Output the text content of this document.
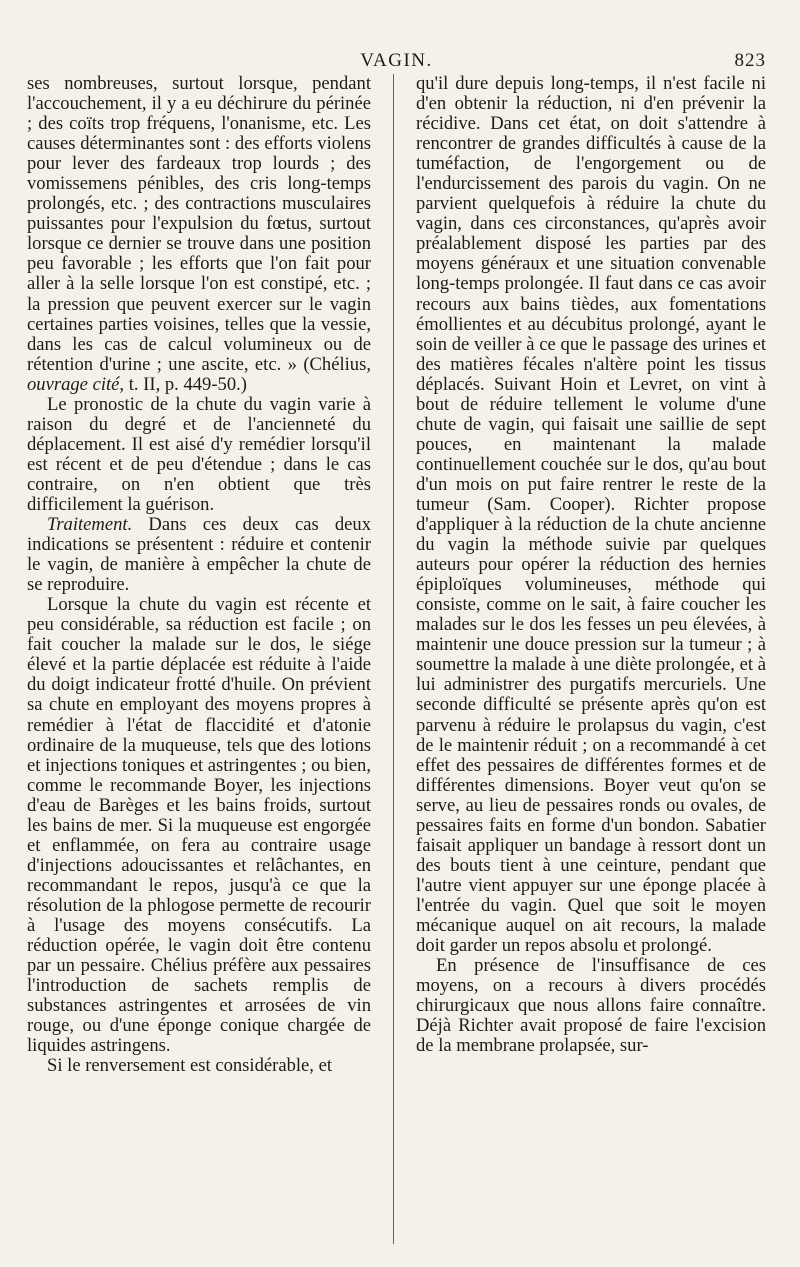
VAGIN.	823

ses nombreuses, surtout lorsque, pendant l'accouchement, il y a eu déchirure du périnée ; des coïts trop fréquens, l'onanisme, etc. Les causes déterminantes sont : des efforts violens pour lever des fardeaux trop lourds ; des vomissemens pénibles, des cris long-temps prolongés, etc. ; des contractions musculaires puissantes pour l'expulsion du fœtus, surtout lorsque ce dernier se trouve dans une position peu favorable ; les efforts que l'on fait pour aller à la selle lorsque l'on est constipé, etc. ; la pression que peuvent exercer sur le vagin certaines parties voisines, telles que la vessie, dans les cas de calcul volumineux ou de rétention d'urine ; une ascite, etc. » (Chélius, ouvrage cité, t. II, p. 449-50.)

Le pronostic de la chute du vagin varie à raison du degré et de l'ancienneté du déplacement. Il est aisé d'y remédier lorsqu'il est récent et de peu d'étendue ; dans le cas contraire, on n'en obtient que très difficilement la guérison.

Traitement. Dans ces deux cas deux indications se présentent : réduire et contenir le vagin, de manière à empêcher la chute de se reproduire.

Lorsque la chute du vagin est récente et peu considérable, sa réduction est facile ; on fait coucher la malade sur le dos, le siége élevé et la partie déplacée est réduite à l'aide du doigt indicateur frotté d'huile. On prévient sa chute en employant des moyens propres à remédier à l'état de flaccidité et d'atonie ordinaire de la muqueuse, tels que des lotions et injections toniques et astringentes ; ou bien, comme le recommande Boyer, les injections d'eau de Barèges et les bains froids, surtout les bains de mer. Si la muqueuse est engorgée et enflammée, on fera au contraire usage d'injections adoucissantes et relâchantes, en recommandant le repos, jusqu'à ce que la résolution de la phlogose permette de recourir à l'usage des moyens consécutifs. La réduction opérée, le vagin doit être contenu par un pessaire. Chélius préfère aux pessaires l'introduction de sachets remplis de substances astringentes et arrosées de vin rouge, ou d'une éponge conique chargée de liquides astringens.

Si le renversement est considérable, et

qu'il dure depuis long-temps, il n'est facile ni d'en obtenir la réduction, ni d'en prévenir la récidive. Dans cet état, on doit s'attendre à rencontrer de grandes difficultés à cause de la tuméfaction, de l'engorgement ou de l'endurcissement des parois du vagin. On ne parvient quelquefois à réduire la chute du vagin, dans ces circonstances, qu'après avoir préalablement disposé les parties par des moyens généraux et une situation convenable long-temps prolongée. Il faut dans ce cas avoir recours aux bains tièdes, aux fomentations émollientes et au décubitus prolongé, ayant le soin de veiller à ce que le passage des urines et des matières fécales n'altère point les tissus déplacés. Suivant Hoin et Levret, on vint à bout de réduire tellement le volume d'une chute de vagin, qui faisait une saillie de sept pouces, en maintenant la malade continuellement couchée sur le dos, qu'au bout d'un mois on put faire rentrer le reste de la tumeur (Sam. Cooper). Richter propose d'appliquer à la réduction de la chute ancienne du vagin la méthode suivie par quelques auteurs pour opérer la réduction des hernies épiploïques volumineuses, méthode qui consiste, comme on le sait, à faire coucher les malades sur le dos les fesses un peu élevées, à maintenir une douce pression sur la tumeur ; à soumettre la malade à une diète prolongée, et à lui administrer des purgatifs mercuriels. Une seconde difficulté se présente après qu'on est parvenu à réduire le prolapsus du vagin, c'est de le maintenir réduit ; on a recommandé à cet effet des pessaires de différentes formes et de différentes dimensions. Boyer veut qu'on se serve, au lieu de pessaires ronds ou ovales, de pessaires faits en forme d'un bondon. Sabatier faisait appliquer un bandage à ressort dont un des bouts tient à une ceinture, pendant que l'autre vient appuyer sur une éponge placée à l'entrée du vagin. Quel que soit le moyen mécanique auquel on ait recours, la malade doit garder un repos absolu et prolongé.

En présence de l'insuffisance de ces moyens, on a recours à divers procédés chirurgicaux que nous allons faire connaître. Déjà Richter avait proposé de faire l'excision de la membrane prolapsée, sur-
